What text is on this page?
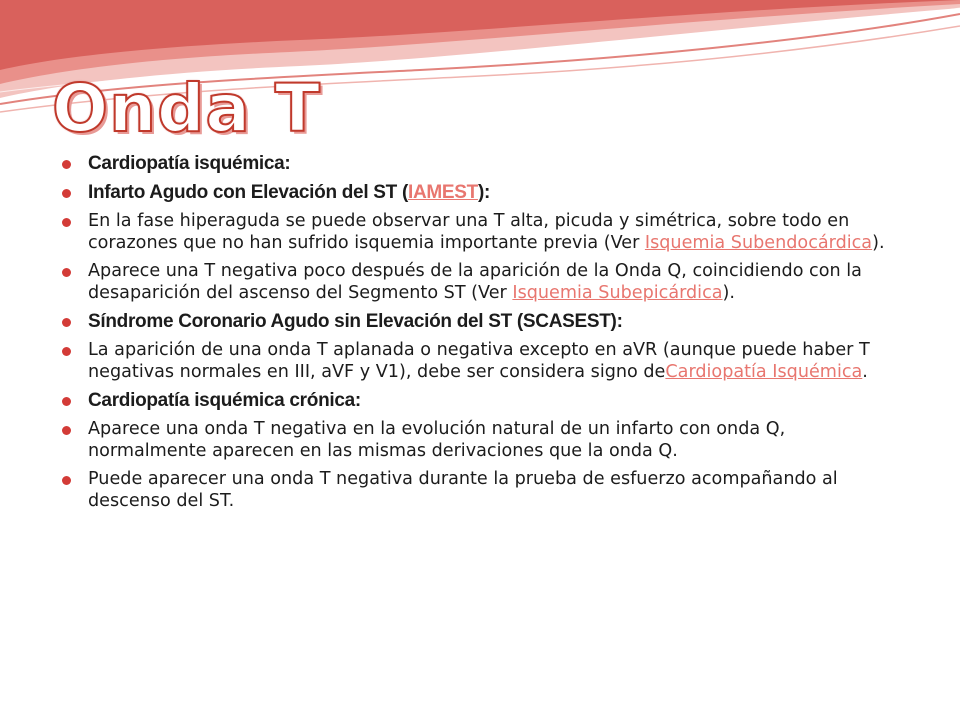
Onda T
Cardiopatía isquémica:
Infarto Agudo con Elevación del ST (IAMEST):
En la fase hiperaguda se puede observar una T alta, picuda y simétrica, sobre todo en corazones que no han sufrido isquemia importante previa (Ver Isquemia Subendocárdica).
Aparece una T negativa poco después de la aparición de la Onda Q, coincidiendo con la desaparición del ascenso del Segmento ST (Ver Isquemia Subepicárdica).
Síndrome Coronario Agudo sin Elevación del ST (SCASEST):
La aparición de una onda T aplanada o negativa excepto en aVR (aunque puede haber T negativas normales en III, aVF y V1), debe ser considera signo deCardiopatía Isquémica.
Cardiopatía isquémica crónica:
Aparece una onda T negativa en la evolución natural de un infarto con onda Q, normalmente aparecen en las mismas derivaciones que la onda Q.
Puede aparecer una onda T negativa durante la prueba de esfuerzo acompañando al descenso del ST.
